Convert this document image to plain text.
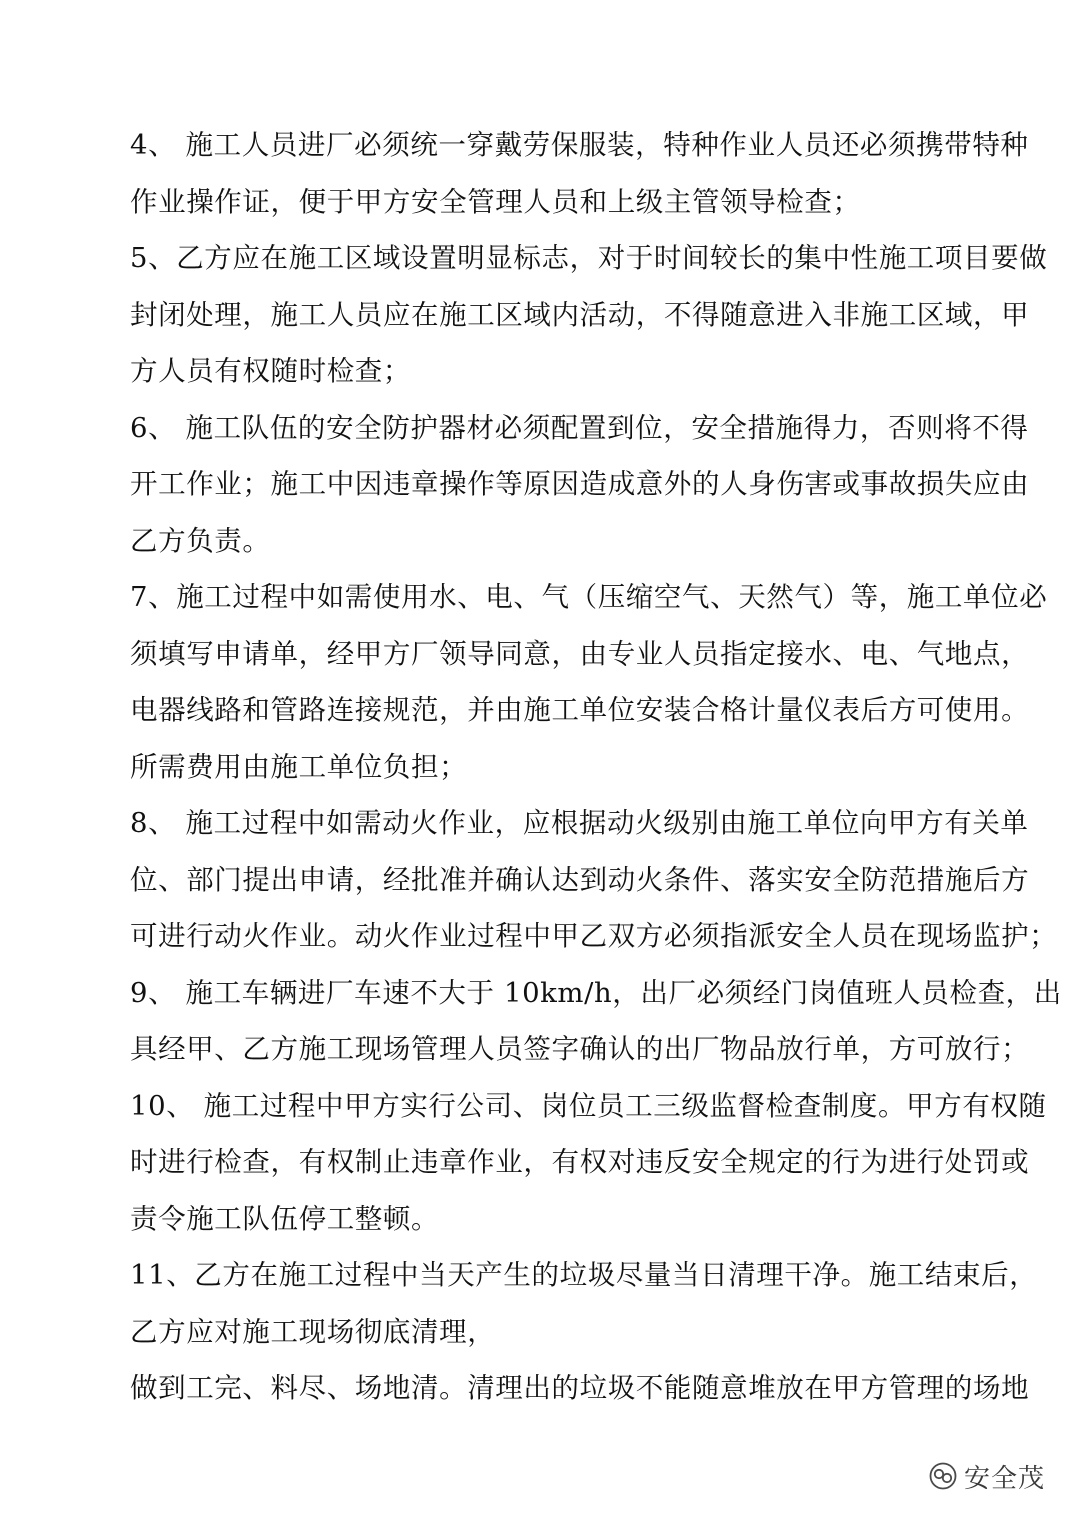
4、 施工人员进厂必须统一穿戴劳保服装，特种作业人员还必须携带特种
作业操作证，便于甲方安全管理人员和上级主管领导检查；
5、乙方应在施工区域设置明显标志，对于时间较长的集中性施工项目要做
封闭处理，施工人员应在施工区域内活动，不得随意进入非施工区域，甲
方人员有权随时检查；
6、 施工队伍的安全防护器材必须配置到位，安全措施得力，否则将不得
开工作业；施工中因违章操作等原因造成意外的人身伤害或事故损失应由
乙方负责。
7、施工过程中如需使用水、电、气（压缩空气、天然气）等，施工单位必
须填写申请单，经甲方厂领导同意，由专业人员指定接水、电、气地点，
电器线路和管路连接规范，并由施工单位安装合格计量仪表后方可使用。
所需费用由施工单位负担；
8、 施工过程中如需动火作业，应根据动火级别由施工单位向甲方有关单
位、部门提出申请，经批准并确认达到动火条件、落实安全防范措施后方
可进行动火作业。动火作业过程中甲乙双方必须指派安全人员在现场监护；
9、 施工车辆进厂车速不大于 10km/h，出厂必须经门岗值班人员检查，出
具经甲、乙方施工现场管理人员签字确认的出厂物品放行单，方可放行；
10、 施工过程中甲方实行公司、岗位员工三级监督检查制度。甲方有权随
时进行检查，有权制止违章作业，有权对违反安全规定的行为进行处罚或
责令施工队伍停工整顿。
11、乙方在施工过程中当天产生的垃圾尽量当日清理干净。施工结束后，
乙方应对施工现场彻底清理，
做到工完、料尽、场地清。清理出的垃圾不能随意堆放在甲方管理的场地
安全茂
